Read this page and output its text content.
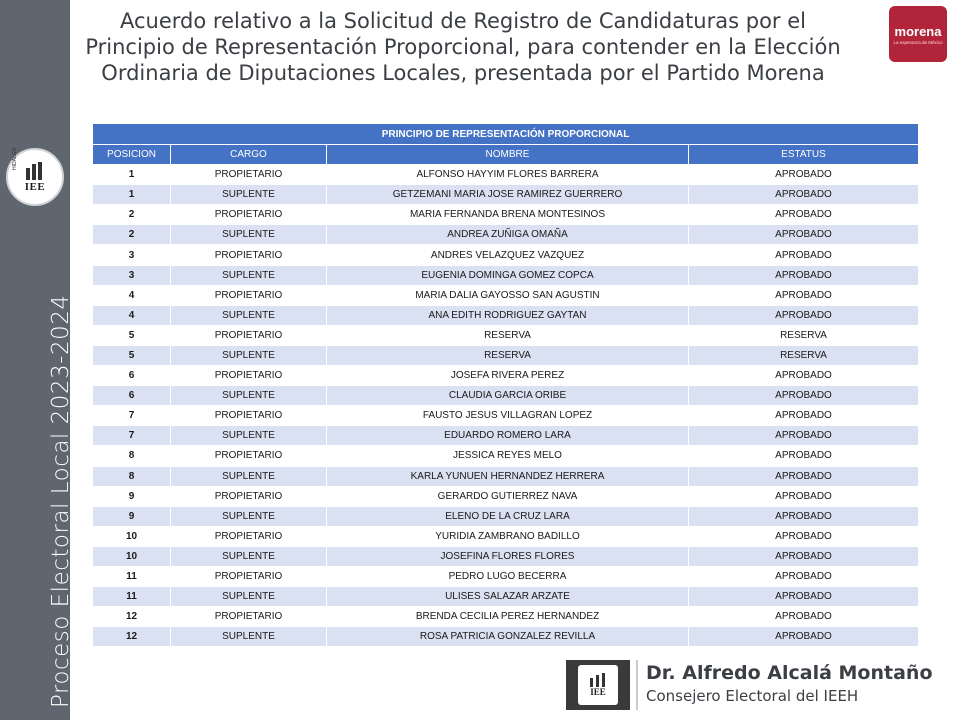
IEE
HIDALGO
Proceso Electoral Local 2023-2024
Acuerdo relativo a la Solicitud de Registro de Candidaturas por el Principio de Representación Proporcional, para contender en la Elección Ordinaria de Diputaciones Locales, presentada por el Partido Morena
morena
La esperanza de México
PRINCIPIO DE REPRESENTACIÓN PROPORCIONAL			
POSICION	CARGO	NOMBRE	ESTATUS
1	PROPIETARIO	ALFONSO HAYYIM FLORES BARRERA	APROBADO
1	SUPLENTE	GETZEMANI MARIA JOSE RAMIREZ GUERRERO	APROBADO
2	PROPIETARIO	MARIA FERNANDA BRENA MONTESINOS	APROBADO
2	SUPLENTE	ANDREA ZUÑIGA OMAÑA	APROBADO
3	PROPIETARIO	ANDRES VELAZQUEZ VAZQUEZ	APROBADO
3	SUPLENTE	EUGENIA DOMINGA GOMEZ COPCA	APROBADO
4	PROPIETARIO	MARIA DALIA GAYOSSO SAN AGUSTIN	APROBADO
4	SUPLENTE	ANA EDITH RODRIGUEZ GAYTAN	APROBADO
5	PROPIETARIO	RESERVA	RESERVA
5	SUPLENTE	RESERVA	RESERVA
6	PROPIETARIO	JOSEFA RIVERA PEREZ	APROBADO
6	SUPLENTE	CLAUDIA GARCIA ORIBE	APROBADO
7	PROPIETARIO	FAUSTO JESUS VILLAGRAN LOPEZ	APROBADO
7	SUPLENTE	EDUARDO ROMERO LARA	APROBADO
8	PROPIETARIO	JESSICA REYES MELO	APROBADO
8	SUPLENTE	KARLA YUNUEN HERNANDEZ HERRERA	APROBADO
9	PROPIETARIO	GERARDO GUTIERREZ NAVA	APROBADO
9	SUPLENTE	ELENO DE LA CRUZ LARA	APROBADO
10	PROPIETARIO	YURIDIA ZAMBRANO BADILLO	APROBADO
10	SUPLENTE	JOSEFINA FLORES FLORES	APROBADO
11	PROPIETARIO	PEDRO LUGO BECERRA	APROBADO
11	SUPLENTE	ULISES SALAZAR ARZATE	APROBADO
12	PROPIETARIO	BRENDA CECILIA PEREZ HERNANDEZ	APROBADO
12	SUPLENTE	ROSA PATRICIA GONZALEZ REVILLA	APROBADO
IEE
Dr. Alfredo Alcalá Montaño
Consejero Electoral del IEEH
